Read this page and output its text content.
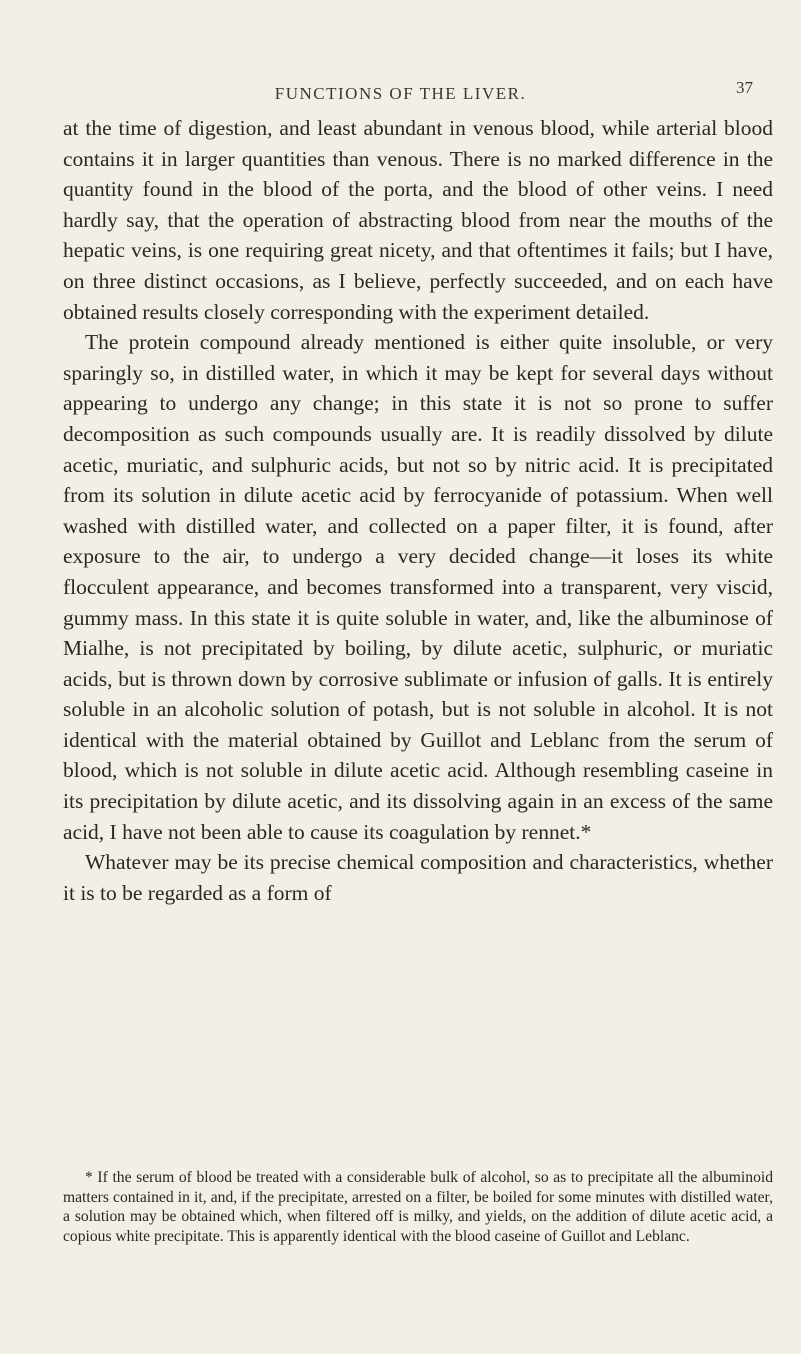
FUNCTIONS OF THE LIVER.	37

at the time of digestion, and least abundant in venous blood, while arterial blood contains it in larger quantities than venous. There is no marked difference in the quantity found in the blood of the porta, and the blood of other veins. I need hardly say, that the operation of abstracting blood from near the mouths of the hepatic veins, is one requiring great nicety, and that oftentimes it fails; but I have, on three distinct occasions, as I believe, perfectly succeeded, and on each have obtained results closely corresponding with the experiment detailed.

The protein compound already mentioned is either quite insoluble, or very sparingly so, in distilled water, in which it may be kept for several days without appearing to undergo any change; in this state it is not so prone to suffer decomposition as such compounds usually are. It is readily dissolved by dilute acetic, muriatic, and sulphuric acids, but not so by nitric acid. It is precipitated from its solution in dilute acetic acid by ferrocyanide of potassium. When well washed with distilled water, and collected on a paper filter, it is found, after exposure to the air, to undergo a very decided change—it loses its white flocculent appearance, and becomes transformed into a transparent, very viscid, gummy mass. In this state it is quite soluble in water, and, like the albuminose of Mialhe, is not precipitated by boiling, by dilute acetic, sulphuric, or muriatic acids, but is thrown down by corrosive sublimate or infusion of galls. It is entirely soluble in an alcoholic solution of potash, but is not soluble in alcohol. It is not identical with the material obtained by Guillot and Leblanc from the serum of blood, which is not soluble in dilute acetic acid. Although resembling caseine in its precipitation by dilute acetic, and its dissolving again in an excess of the same acid, I have not been able to cause its coagulation by rennet.*

Whatever may be its precise chemical composition and characteristics, whether it is to be regarded as a form of

* If the serum of blood be treated with a considerable bulk of alcohol, so as to precipitate all the albuminoid matters contained in it, and, if the precipitate, arrested on a filter, be boiled for some minutes with distilled water, a solution may be obtained which, when filtered off is milky, and yields, on the addition of dilute acetic acid, a copious white precipitate. This is apparently identical with the blood caseine of Guillot and Leblanc.
